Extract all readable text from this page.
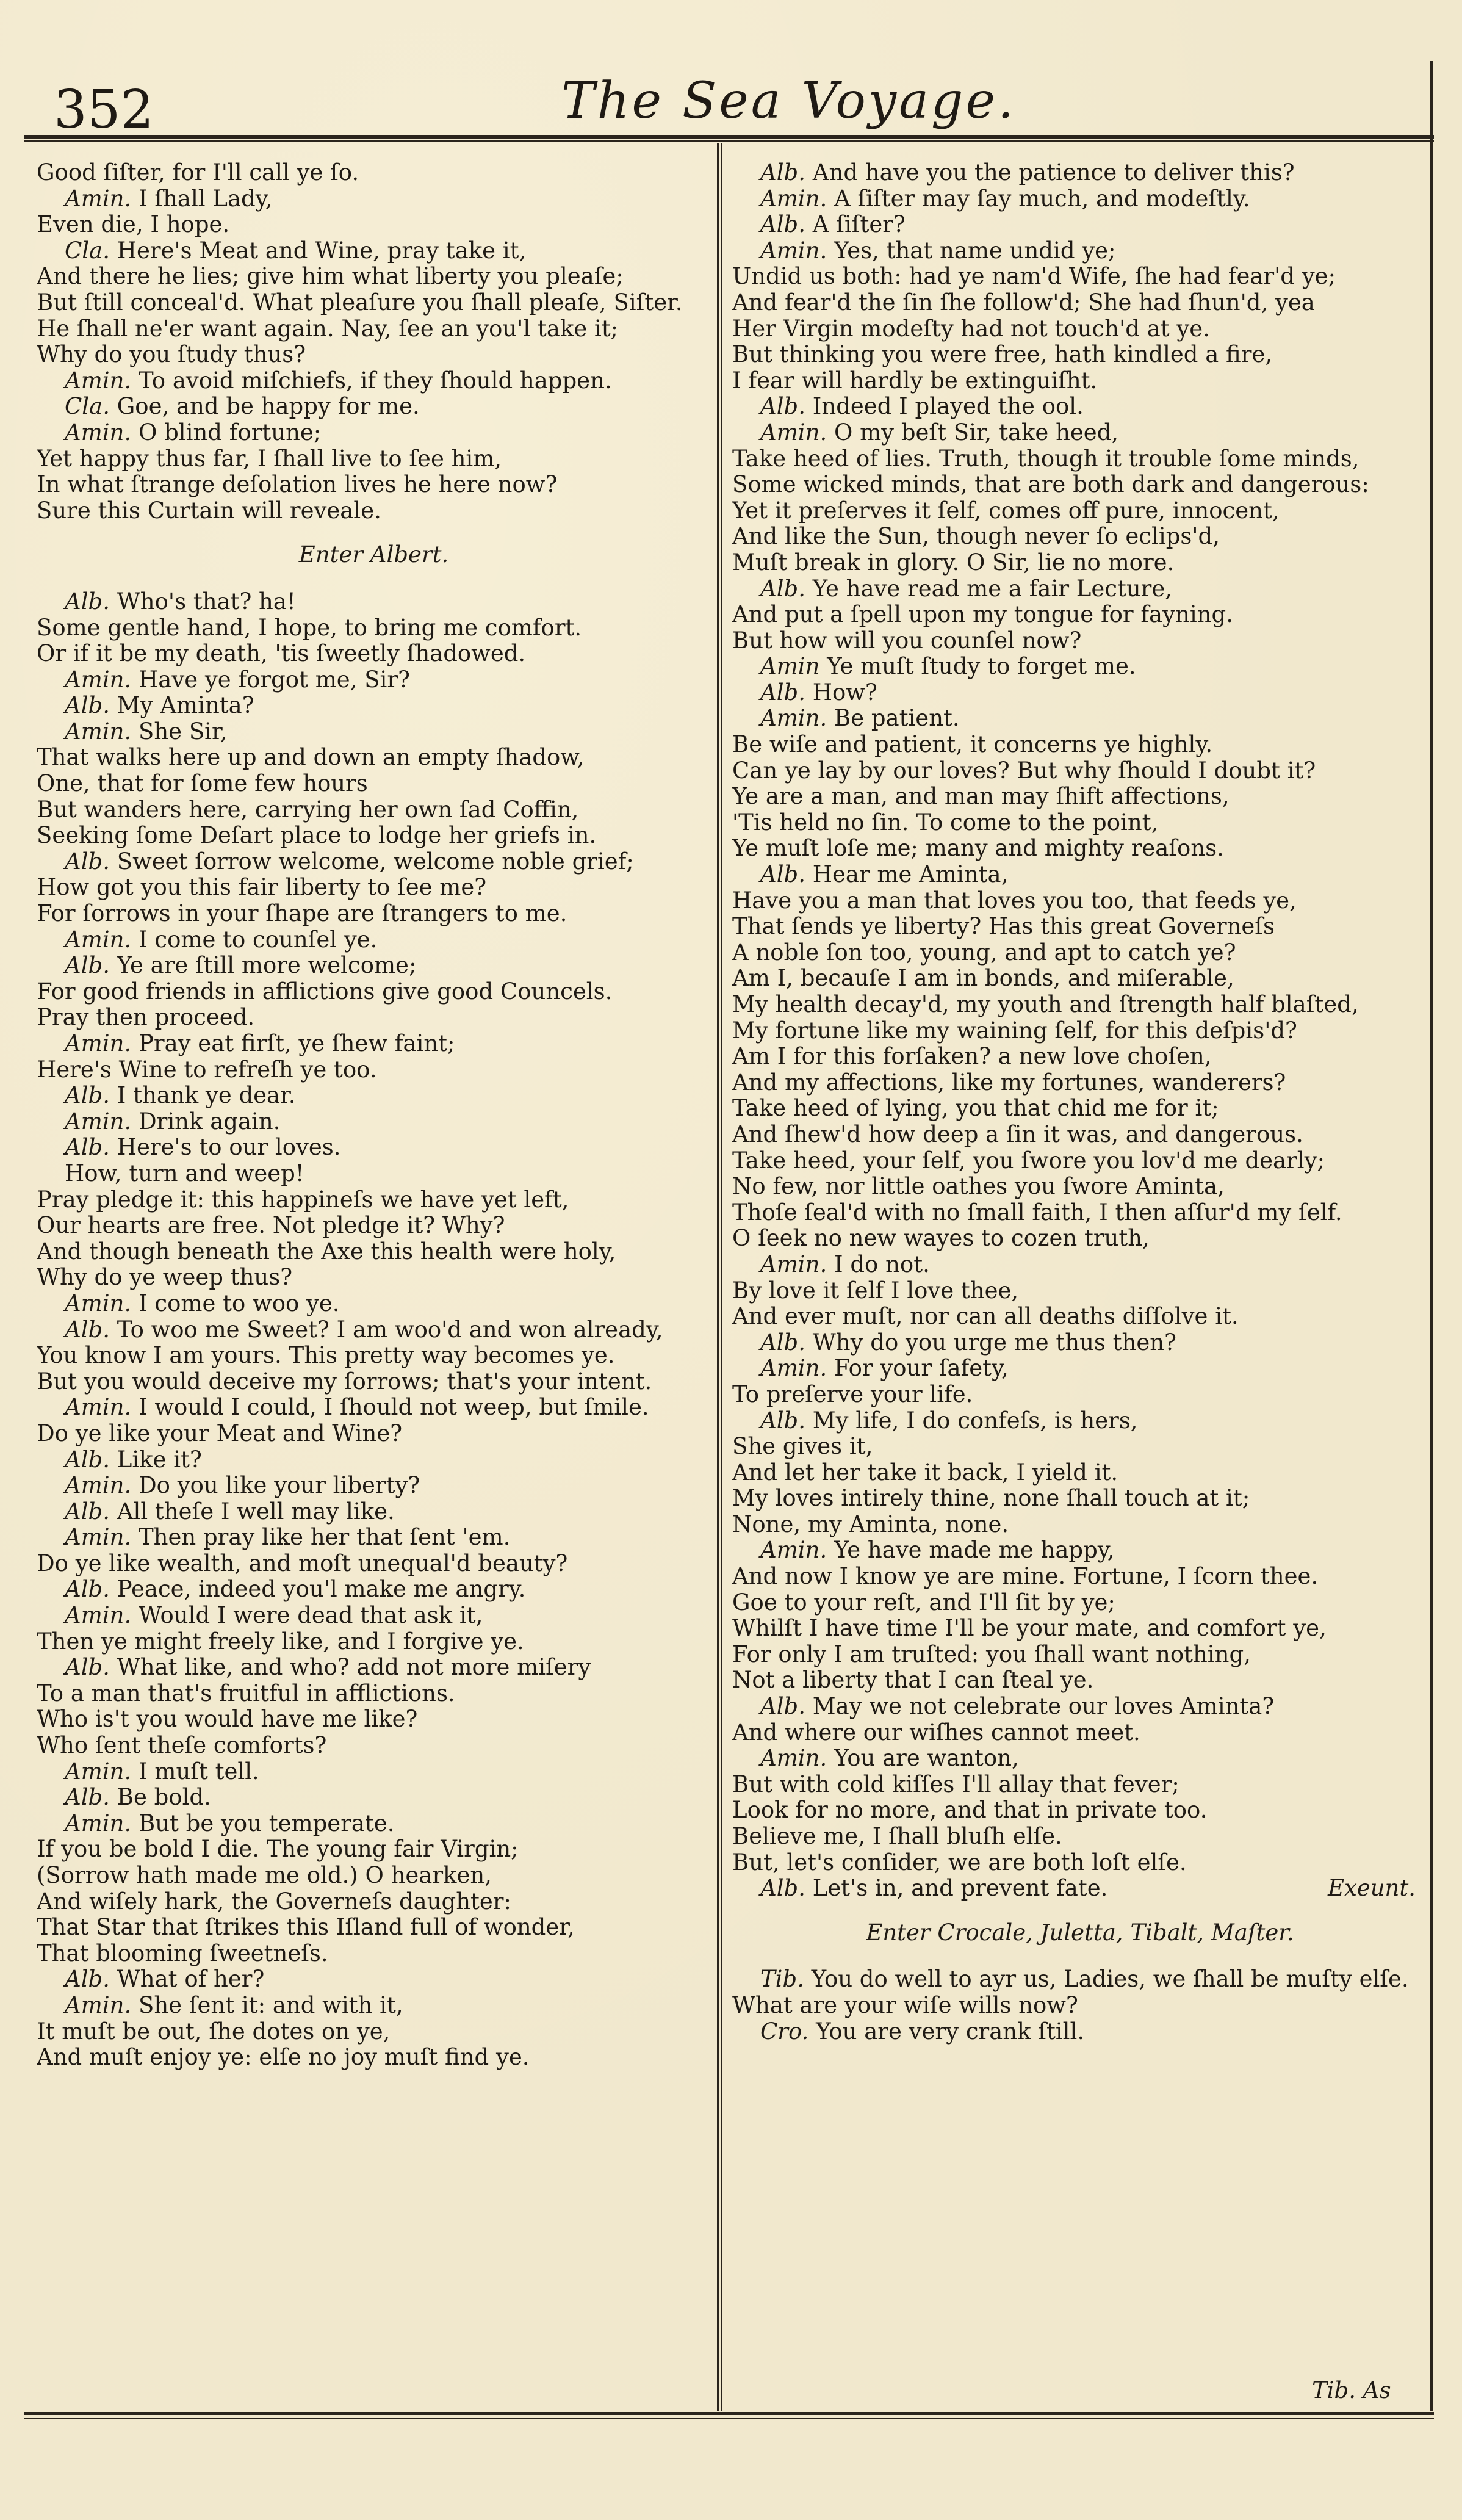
352	The Sea Voyage.
Good ſiſter, for I'll call ye ſo.
Amin. I ſhall Lady,
Even die, I hope.
Cla. Here's Meat and Wine, pray take it,
And there he lies; give him what liberty you pleaſe;
But ſtill conceal'd. What pleaſure you ſhall pleaſe, Siſter.
He ſhall ne'er want again. Nay, ſee an you'l take it;
Why do you ſtudy thus?
Amin. To avoid miſchiefs, if they ſhould happen.
Cla. Goe, and be happy for me.
Amin. O blind fortune;
Yet happy thus far, I ſhall live to ſee him,
In what ſtrange deſolation lives he here now?
Sure this Curtain will reveale.
Enter Albert.
Alb. Who's that? ha!
Some gentle hand, I hope, to bring me comfort.
Or if it be my death, 'tis ſweetly ſhadowed.
Amin. Have ye forgot me, Sir?
Alb. My Aminta?
Amin. She Sir,
That walks here up and down an empty ſhadow,
One, that for ſome few hours
But wanders here, carrying her own ſad Coffin,
Seeking ſome Deſart place to lodge her griefs in.
Alb. Sweet ſorrow welcome, welcome noble grief;
How got you this fair liberty to ſee me?
For ſorrows in your ſhape are ſtrangers to me.
Amin. I come to counſel ye.
Alb. Ye are ſtill more welcome;
For good friends in afflictions give good Councels.
Pray then proceed.
Amin. Pray eat firſt, ye ſhew faint;
Here's Wine to refreſh ye too.
Alb. I thank ye dear.
Amin. Drink again.
Alb. Here's to our loves.
How, turn and weep!
Pray pledge it: this happineſs we have yet left,
Our hearts are free. Not pledge it? Why?
And though beneath the Axe this health were holy,
Why do ye weep thus?
Amin. I come to woo ye.
Alb. To woo me Sweet? I am woo'd and won already,
You know I am yours. This pretty way becomes ye.
But you would deceive my ſorrows; that's your intent.
Amin. I would I could, I ſhould not weep, but ſmile.
Do ye like your Meat and Wine?
Alb. Like it?
Amin. Do you like your liberty?
Alb. All theſe I well may like.
Amin. Then pray like her that ſent 'em.
Do ye like wealth, and moſt unequal'd beauty?
Alb. Peace, indeed you'l make me angry.
Amin. Would I were dead that ask it,
Then ye might freely like, and I forgive ye.
Alb. What like, and who? add not more miſery
To a man that's fruitful in afflictions.
Who is't you would have me like?
Who ſent theſe comforts?
Amin. I muſt tell.
Alb. Be bold.
Amin. But be you temperate.
If you be bold I die. The young fair Virgin;
(Sorrow hath made me old.) O hearken,
And wiſely hark, the Governeſs daughter:
That Star that ſtrikes this Iſland full of wonder,
That blooming ſweetneſs.
Alb. What of her?
Amin. She ſent it: and with it,
It muſt be out, ſhe dotes on ye,
And muſt enjoy ye: elſe no joy muſt find ye.
Alb. And have you the patience to deliver this?
Amin. A ſiſter may ſay much, and modeſtly.
Alb. A ſiſter?
Amin. Yes, that name undid ye;
Undid us both: had ye nam'd Wife, ſhe had fear'd ye;
And fear'd the ſin ſhe follow'd; She had ſhun'd, yea
Her Virgin modeſty had not touch'd at ye.
But thinking you were free, hath kindled a fire,
I fear will hardly be extinguiſht.
Alb. Indeed I played the ool.
Amin. O my beſt Sir, take heed,
Take heed of lies. Truth, though it trouble ſome minds,
Some wicked minds, that are both dark and dangerous:
Yet it preſerves it ſelf, comes off pure, innocent,
And like the Sun, though never ſo eclips'd,
Muſt break in glory. O Sir, lie no more.
Alb. Ye have read me a fair Lecture,
And put a ſpell upon my tongue for fayning.
But how will you counſel now?
Amin Ye muſt ſtudy to forget me.
Alb. How?
Amin. Be patient.
Be wiſe and patient, it concerns ye highly.
Can ye lay by our loves? But why ſhould I doubt it?
Ye are a man, and man may ſhift affections,
'Tis held no ſin. To come to the point,
Ye muſt loſe me; many and mighty reaſons.
Alb. Hear me Aminta,
Have you a man that loves you too, that feeds ye,
That ſends ye liberty? Has this great Governeſs
A noble ſon too, young, and apt to catch ye?
Am I, becauſe I am in bonds, and miſerable,
My health decay'd, my youth and ſtrength half blaſted,
My fortune like my waining ſelf, for this deſpis'd?
Am I for this forſaken? a new love choſen,
And my affections, like my fortunes, wanderers?
Take heed of lying, you that chid me for it;
And ſhew'd how deep a ſin it was, and dangerous.
Take heed, your ſelf, you ſwore you lov'd me dearly;
No few, nor little oathes you ſwore Aminta,
Thoſe ſeal'd with no ſmall faith, I then aſſur'd my ſelf.
O ſeek no new wayes to cozen truth,
Amin. I do not.
By love it ſelf I love thee,
And ever muſt, nor can all deaths diſſolve it.
Alb. Why do you urge me thus then?
Amin. For your ſafety,
To preſerve your life.
Alb. My life, I do confeſs, is hers,
She gives it,
And let her take it back, I yield it.
My loves intirely thine, none ſhall touch at it;
None, my Aminta, none.
Amin. Ye have made me happy,
And now I know ye are mine. Fortune, I ſcorn thee.
Goe to your reſt, and I'll ſit by ye;
Whilſt I have time I'll be your mate, and comfort ye,
For only I am truſted: you ſhall want nothing,
Not a liberty that I can ſteal ye.
Alb. May we not celebrate our loves Aminta?
And where our wiſhes cannot meet.
Amin. You are wanton,
But with cold kiſſes I'll allay that fever;
Look for no more, and that in private too.
Believe me, I ſhall bluſh elſe.
But, let's conſider, we are both loſt elſe.
Alb.	Exeunt.
Let's in, and prevent fate.
Enter Crocale, Juletta, Tibalt, Maſter.
Tib. You do well to ayr us, Ladies, we ſhall be muſty elſe.
What are your wiſe wills now?
Cro. You are very crank ſtill.
Tib. As
